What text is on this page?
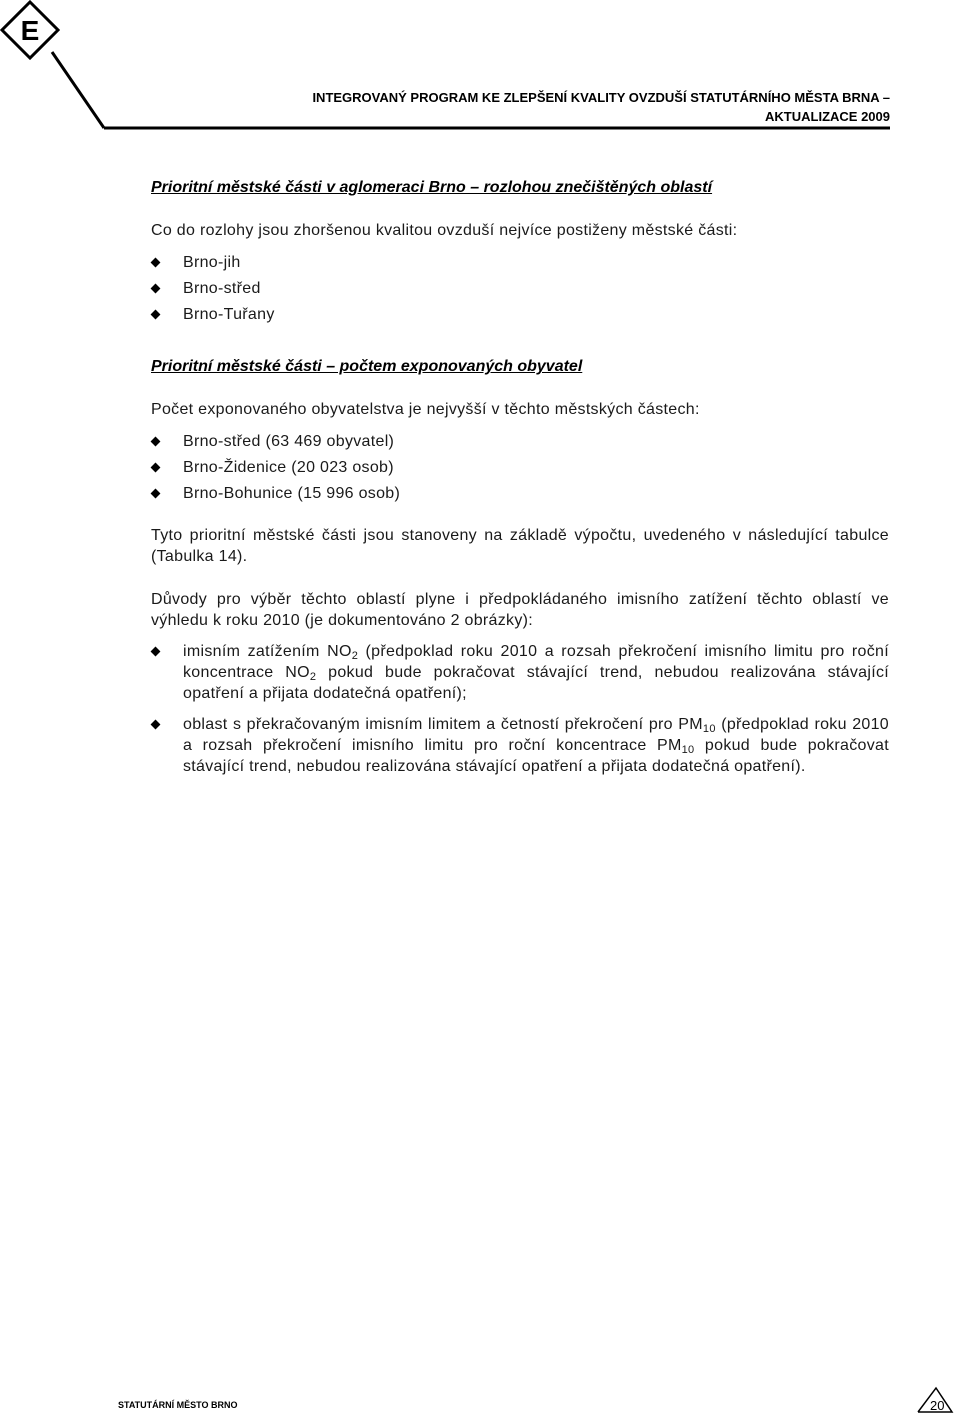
E
INTEGROVANÝ PROGRAM KE ZLEPŠENÍ KVALITY OVZDUŠÍ STATUTÁRNÍHO MĚSTA BRNA –
AKTUALIZACE 2009
Prioritní městské části v aglomeraci Brno – rozlohou znečištěných oblastí

Co do rozlohy jsou zhoršenou kvalitou ovzduší nejvíce postiženy městské části:

Brno-jih
Brno-střed
Brno-Tuřany
Prioritní městské části – počtem exponovaných obyvatel

Počet exponovaného obyvatelstva je nejvyšší v těchto městských částech:

Brno-střed (63 469 obyvatel)
Brno-Židenice (20 023 osob)
Brno-Bohunice (15 996 osob)

Tyto prioritní městské části jsou stanoveny na základě výpočtu, uvedeného v následující tabulce (Tabulka 14).

Důvody pro výběr těchto oblastí plyne i předpokládaného imisního zatížení těchto oblastí ve výhledu k roku 2010 (je dokumentováno 2 obrázky):

imisním zatížením $NO_2$ (předpoklad roku 2010 a rozsah překročení imisního limitu pro roční koncentrace $NO_2$ pokud bude pokračovat stávající trend, nebudou realizována stávající opatření a přijata dodatečná opatření);
oblast s překračovaným imisním limitem a četností překročení pro $PM_{10}$ (předpoklad roku 2010 a rozsah překročení imisního limitu pro roční koncentrace $PM_{10}$ pokud bude pokračovat stávající trend, nebudou realizována stávající opatření a přijata dodatečná opatření).
STATUTÁRNÍ MĚSTO BRNO	20
